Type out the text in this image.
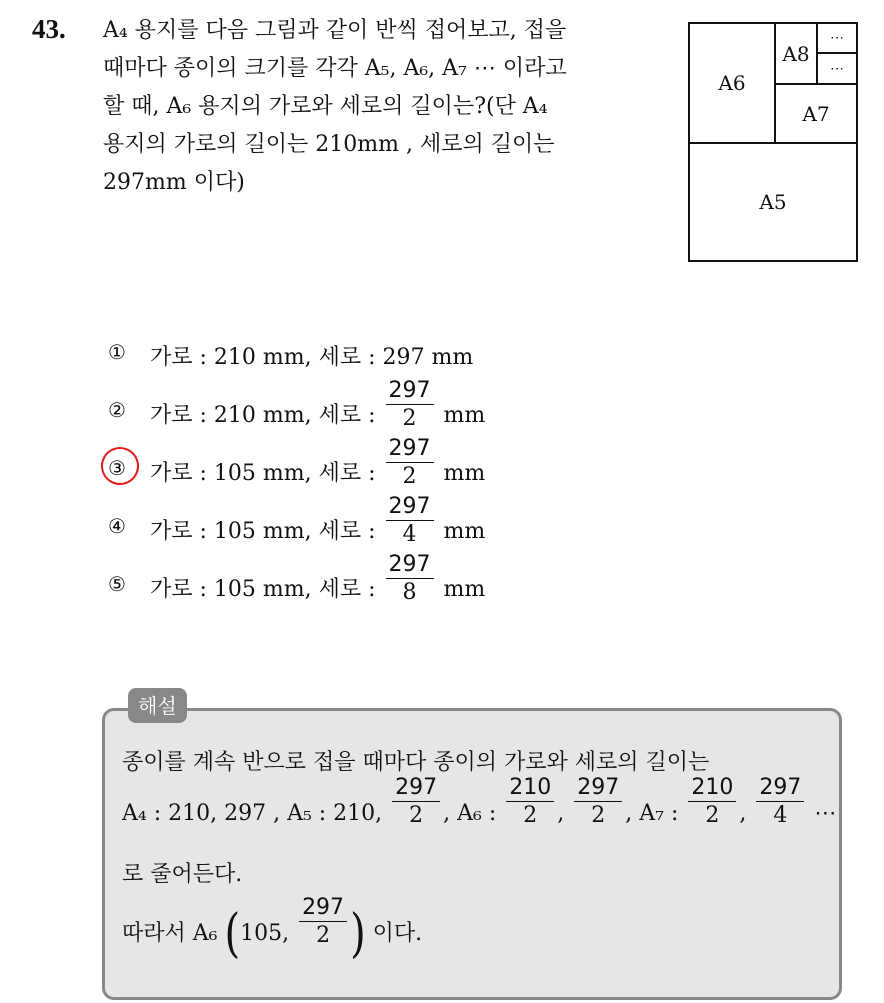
43. A₄ 용지를 다음 그림과 같이 반씩 접어보고, 접을

때마다 종이의 크기를 각각 A₅, A₆, A₇ ⋯ 이라고

할 때, A₆ 용지의 가로와 세로의 길이는?(단 A₄

용지의 가로의 길이는 210mm , 세로의 길이는

297mm 이다)

A5
A6
A7
A8
⋯
⋯
①	가로 : 210 mm, 세로 : 297 mm
②	가로 : 210 mm, 세로 : $\frac{297}{2}$ mm
③	가로 : 105 mm, 세로 : $\frac{297}{2}$ mm
④	가로 : 105 mm, 세로 : $\frac{297}{4}$ mm
⑤	가로 : 105 mm, 세로 : $\frac{297}{8}$ mm
해설
종이를 계속 반으로 접을 때마다 종이의 가로와 세로의 길이는
A₄ : 210, 297 , A₅ : 210, $\frac{297}{2}$ , A₆ : $\frac{210}{2}$ , $\frac{297}{2}$ , A₇ : $\frac{210}{2}$ , $\frac{297}{4}$ ⋯
로 줄어든다.
따라서 A₆ (105, $\frac{297}{2}$ ) 이다.
